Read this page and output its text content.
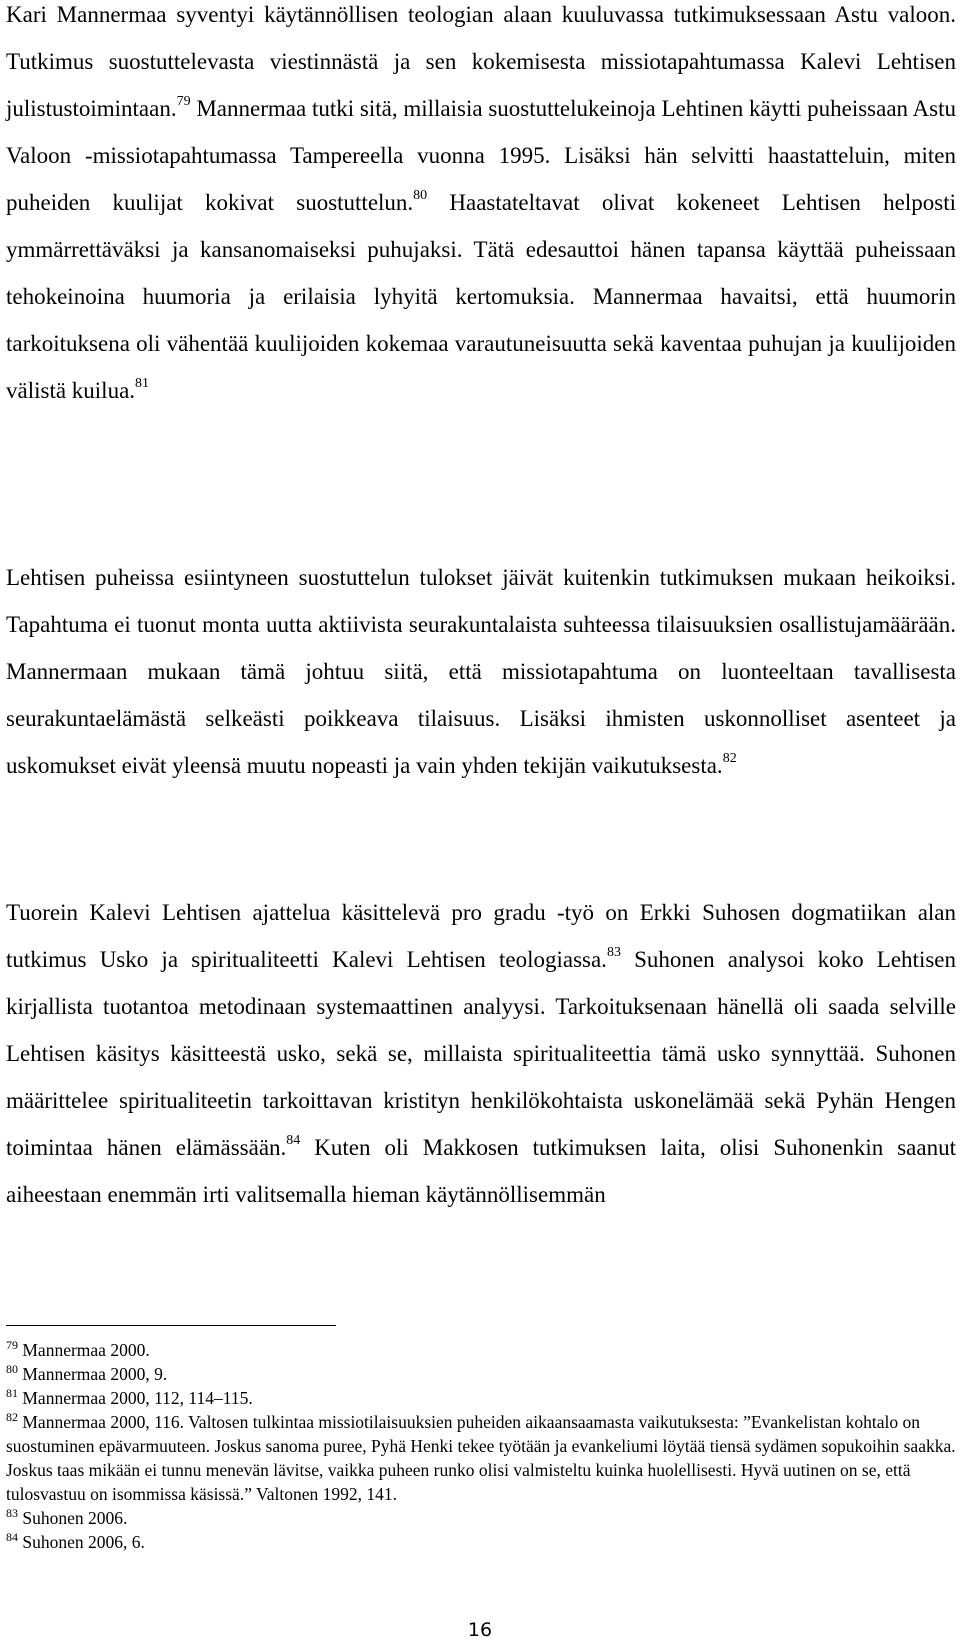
Kari Mannermaa syventyi käytännöllisen teologian alaan kuuluvassa tutkimuksessaan Astu valoon. Tutkimus suostuttelevasta viestinnästä ja sen kokemisesta missiotapahtumassa Kalevi Lehtisen julistustoimintaan.$^{79}$ Mannermaa tutki sitä, millaisia suostuttelukeinoja Lehtinen käytti puheissaan Astu Valoon -missiotapahtumassa Tampereella vuonna 1995. Lisäksi hän selvitti haastatteluin, miten puheiden kuulijat kokivat suostuttelun.$^{80}$ Haastateltavat olivat kokeneet Lehtisen helposti ymmärrettäväksi ja kansanomaiseksi puhujaksi. Tätä edesauttoi hänen tapansa käyttää puheissaan tehokeinoina huumoria ja erilaisia lyhyitä kertomuksia. Mannermaa havaitsi, että huumorin tarkoituksena oli vähentää kuulijoiden kokemaa varautuneisuutta sekä kaventaa puhujan ja kuulijoiden välistä kuilua.$^{81}$

Lehtisen puheissa esiintyneen suostuttelun tulokset jäivät kuitenkin tutkimuksen mukaan heikoiksi. Tapahtuma ei tuonut monta uutta aktiivista seurakuntalaista suhteessa tilaisuuksien osallistujamäärään. Mannermaan mukaan tämä johtuu siitä, että missiotapahtuma on luonteeltaan tavallisesta seurakuntaelämästä selkeästi poikkeava tilaisuus. Lisäksi ihmisten uskonnolliset asenteet ja uskomukset eivät yleensä muutu nopeasti ja vain yhden tekijän vaikutuksesta.$^{82}$

Tuorein Kalevi Lehtisen ajattelua käsittelevä pro gradu -työ on Erkki Suhosen dogmatiikan alan tutkimus Usko ja spiritualiteetti Kalevi Lehtisen teologiassa.$^{83}$ Suhonen analysoi koko Lehtisen kirjallista tuotantoa metodinaan systemaattinen analyysi. Tarkoituksenaan hänellä oli saada selville Lehtisen käsitys käsitteestä usko, sekä se, millaista spiritualiteettia tämä usko synnyttää. Suhonen määrittelee spiritualiteetin tarkoittavan kristityn henkilökohtaista uskonelämää sekä Pyhän Hengen toimintaa hänen elämässään.$^{84}$ Kuten oli Makkosen tutkimuksen laita, olisi Suhonenkin saanut aiheestaan enemmän irti valitsemalla hieman käytännöllisemmän

$^{79}$ Mannermaa 2000.
$^{80}$ Mannermaa 2000, 9.
$^{81}$ Mannermaa 2000, 112, 114–115.
$^{82}$ Mannermaa 2000, 116. Valtosen tulkintaa missiotilaisuuksien puheiden aikaansaamasta vaikutuksesta: ”Evankelistan kohtalo on suostuminen epävarmuuteen. Joskus sanoma puree, Pyhä Henki tekee työtään ja evankeliumi löytää tiensä sydämen sopukoihin saakka. Joskus taas mikään ei tunnu menevän lävitse, vaikka puheen runko olisi valmisteltu kuinka huolellisesti. Hyvä uutinen on se, että tulosvastuu on isommissa käsissä.” Valtonen 1992, 141.
$^{83}$ Suhonen 2006.
$^{84}$ Suhonen 2006, 6.
16
